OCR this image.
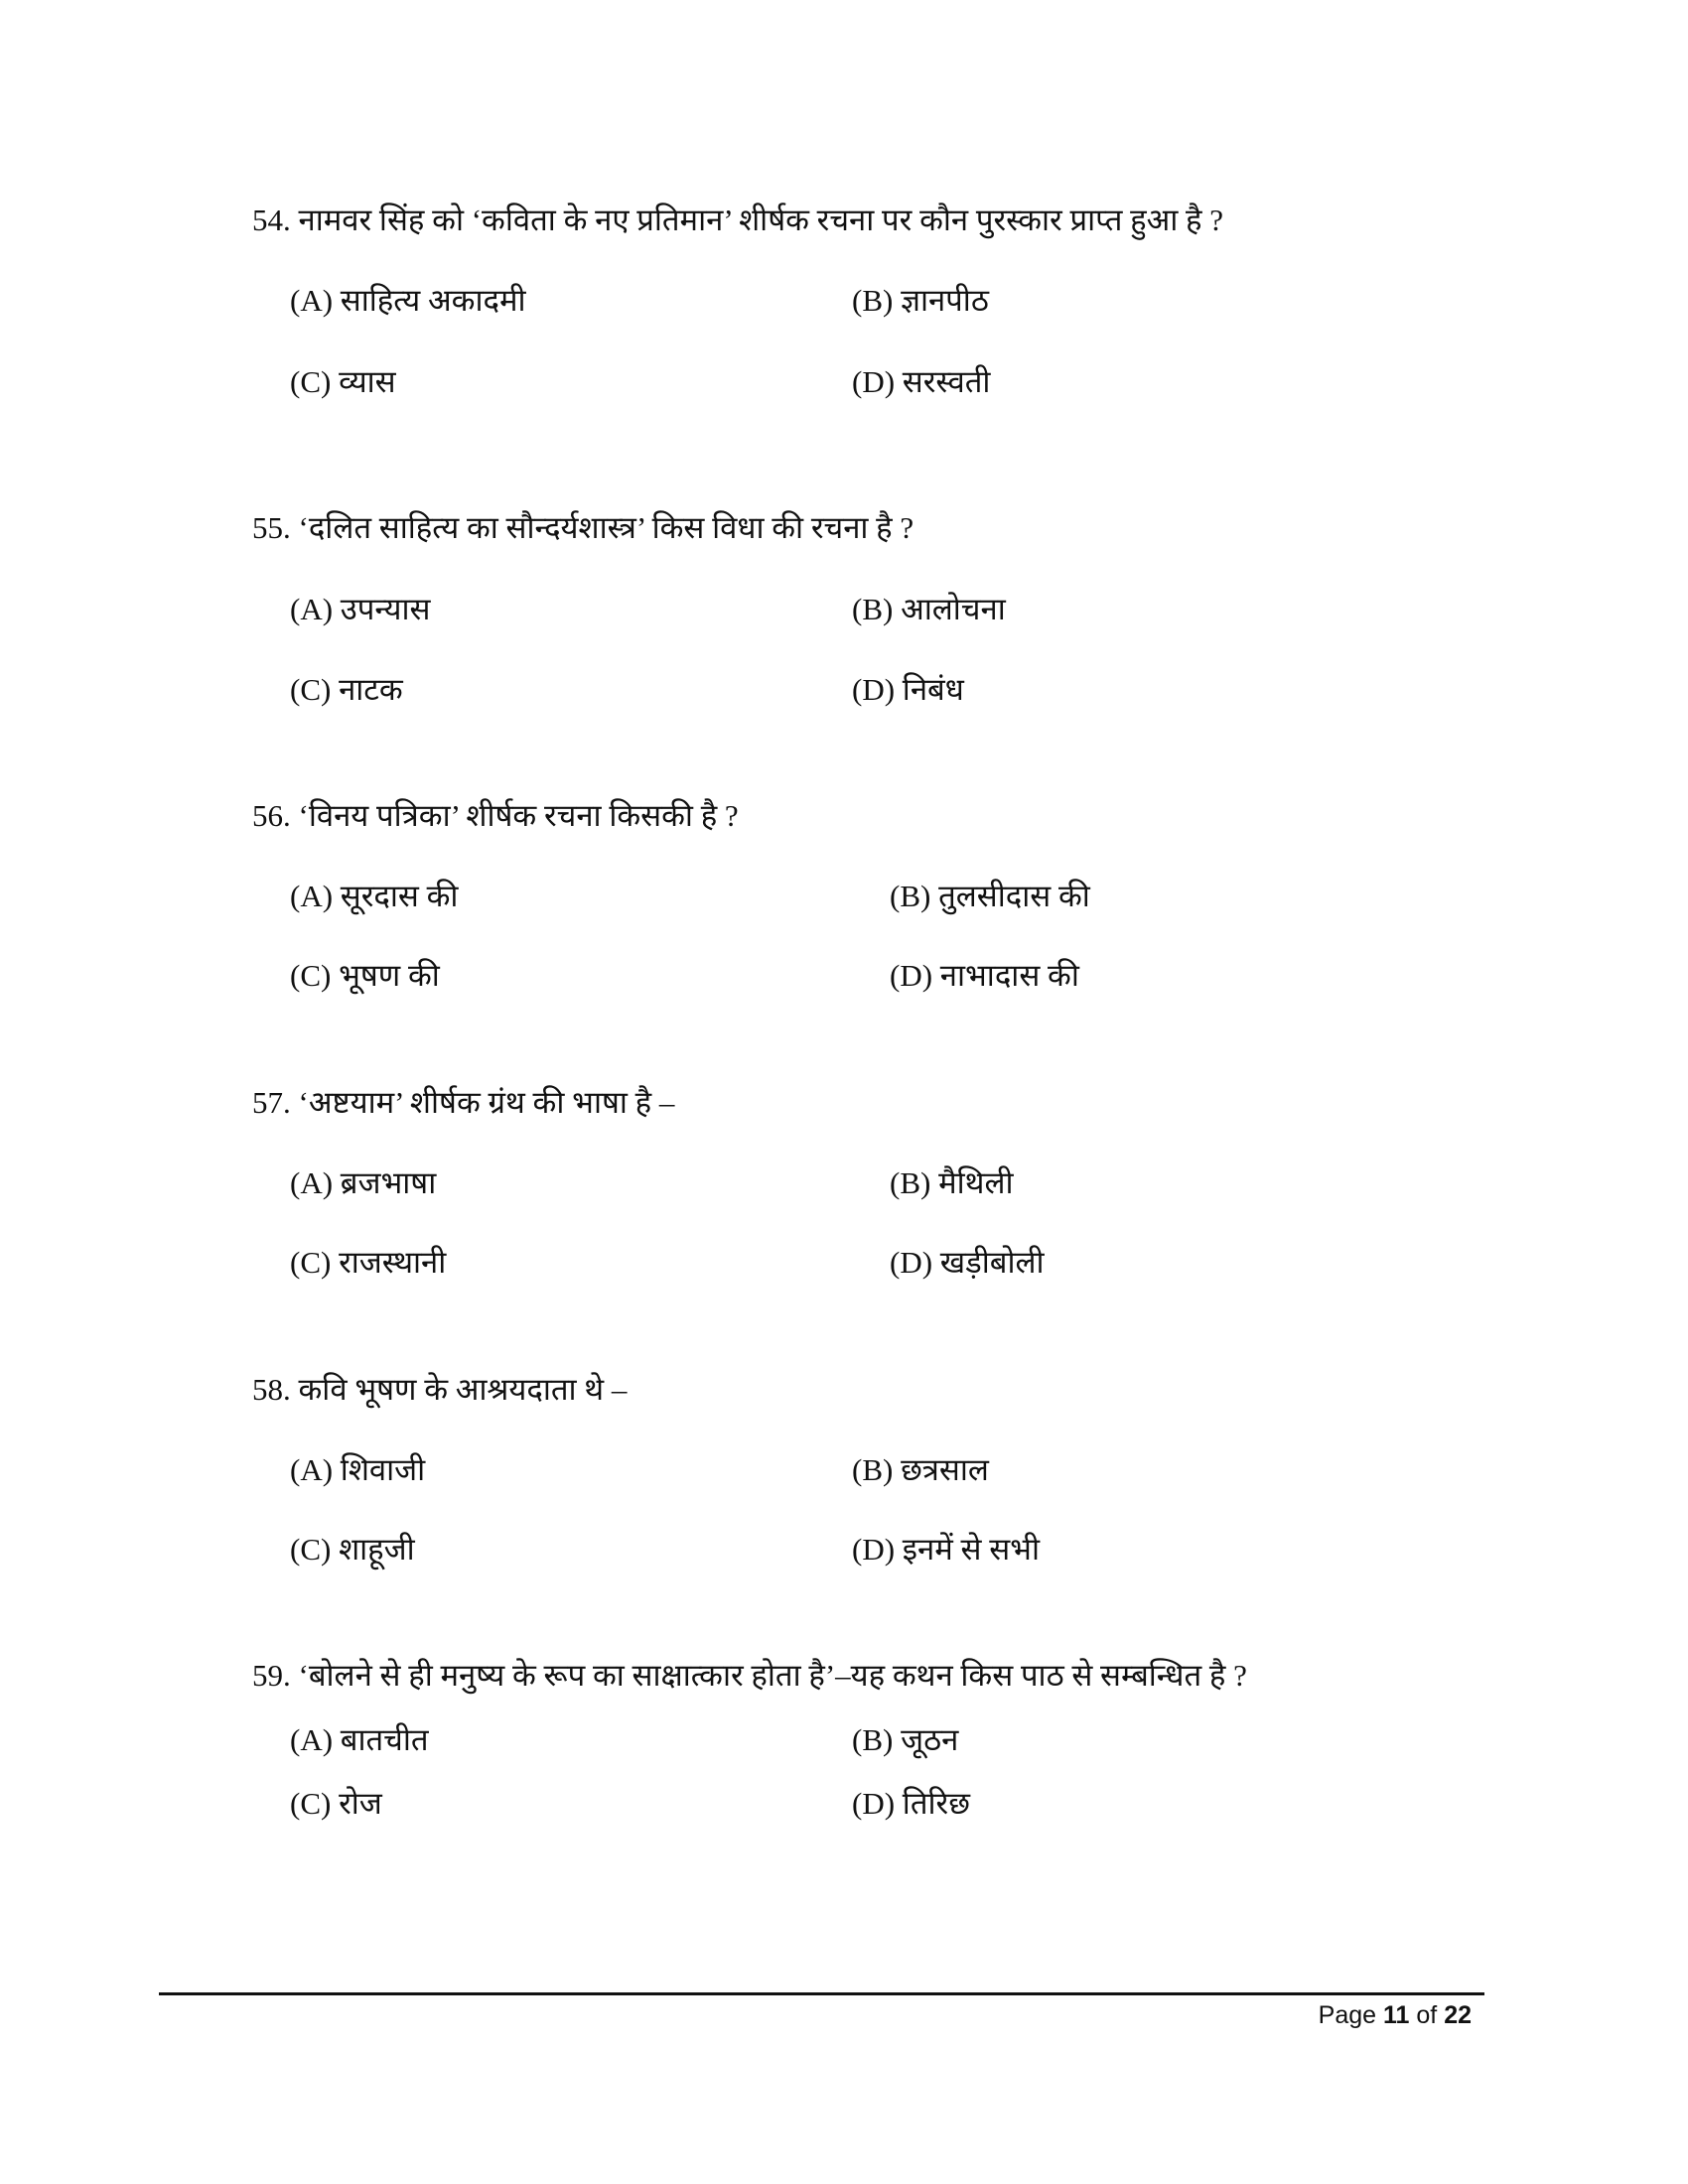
54. नामवर सिंह को ‘कविता के नए प्रतिमान’ शीर्षक रचना पर कौन पुरस्कार प्राप्त हुआ है ?
(A) साहित्य अकादमी	(B) ज्ञानपीठ
(C) व्यास	(D) सरस्वती
55. ‘दलित साहित्य का सौन्दर्यशास्त्र’ किस विधा की रचना है ?
(A) उपन्यास	(B) आलोचना
(C) नाटक	(D) निबंध
56. ‘विनय पत्रिका’ शीर्षक रचना किसकी है ?
(A) सूरदास की	(B) तुलसीदास की
(C) भूषण की	(D) नाभादास की
57. ‘अष्टयाम’ शीर्षक ग्रंथ की भाषा है –
(A) ब्रजभाषा	(B) मैथिली
(C) राजस्थानी	(D) खड़ीबोली
58. कवि भूषण के आश्रयदाता थे –
(A) शिवाजी	(B) छत्रसाल
(C) शाहूजी	(D) इनमें से सभी
59. ‘बोलने से ही मनुष्य के रूप का साक्षात्कार होता है’–यह कथन किस पाठ से सम्बन्धित है ?
(A) बातचीत	(B) जूठन
(C) रोज	(D) तिरिछ
Page 11 of 22
